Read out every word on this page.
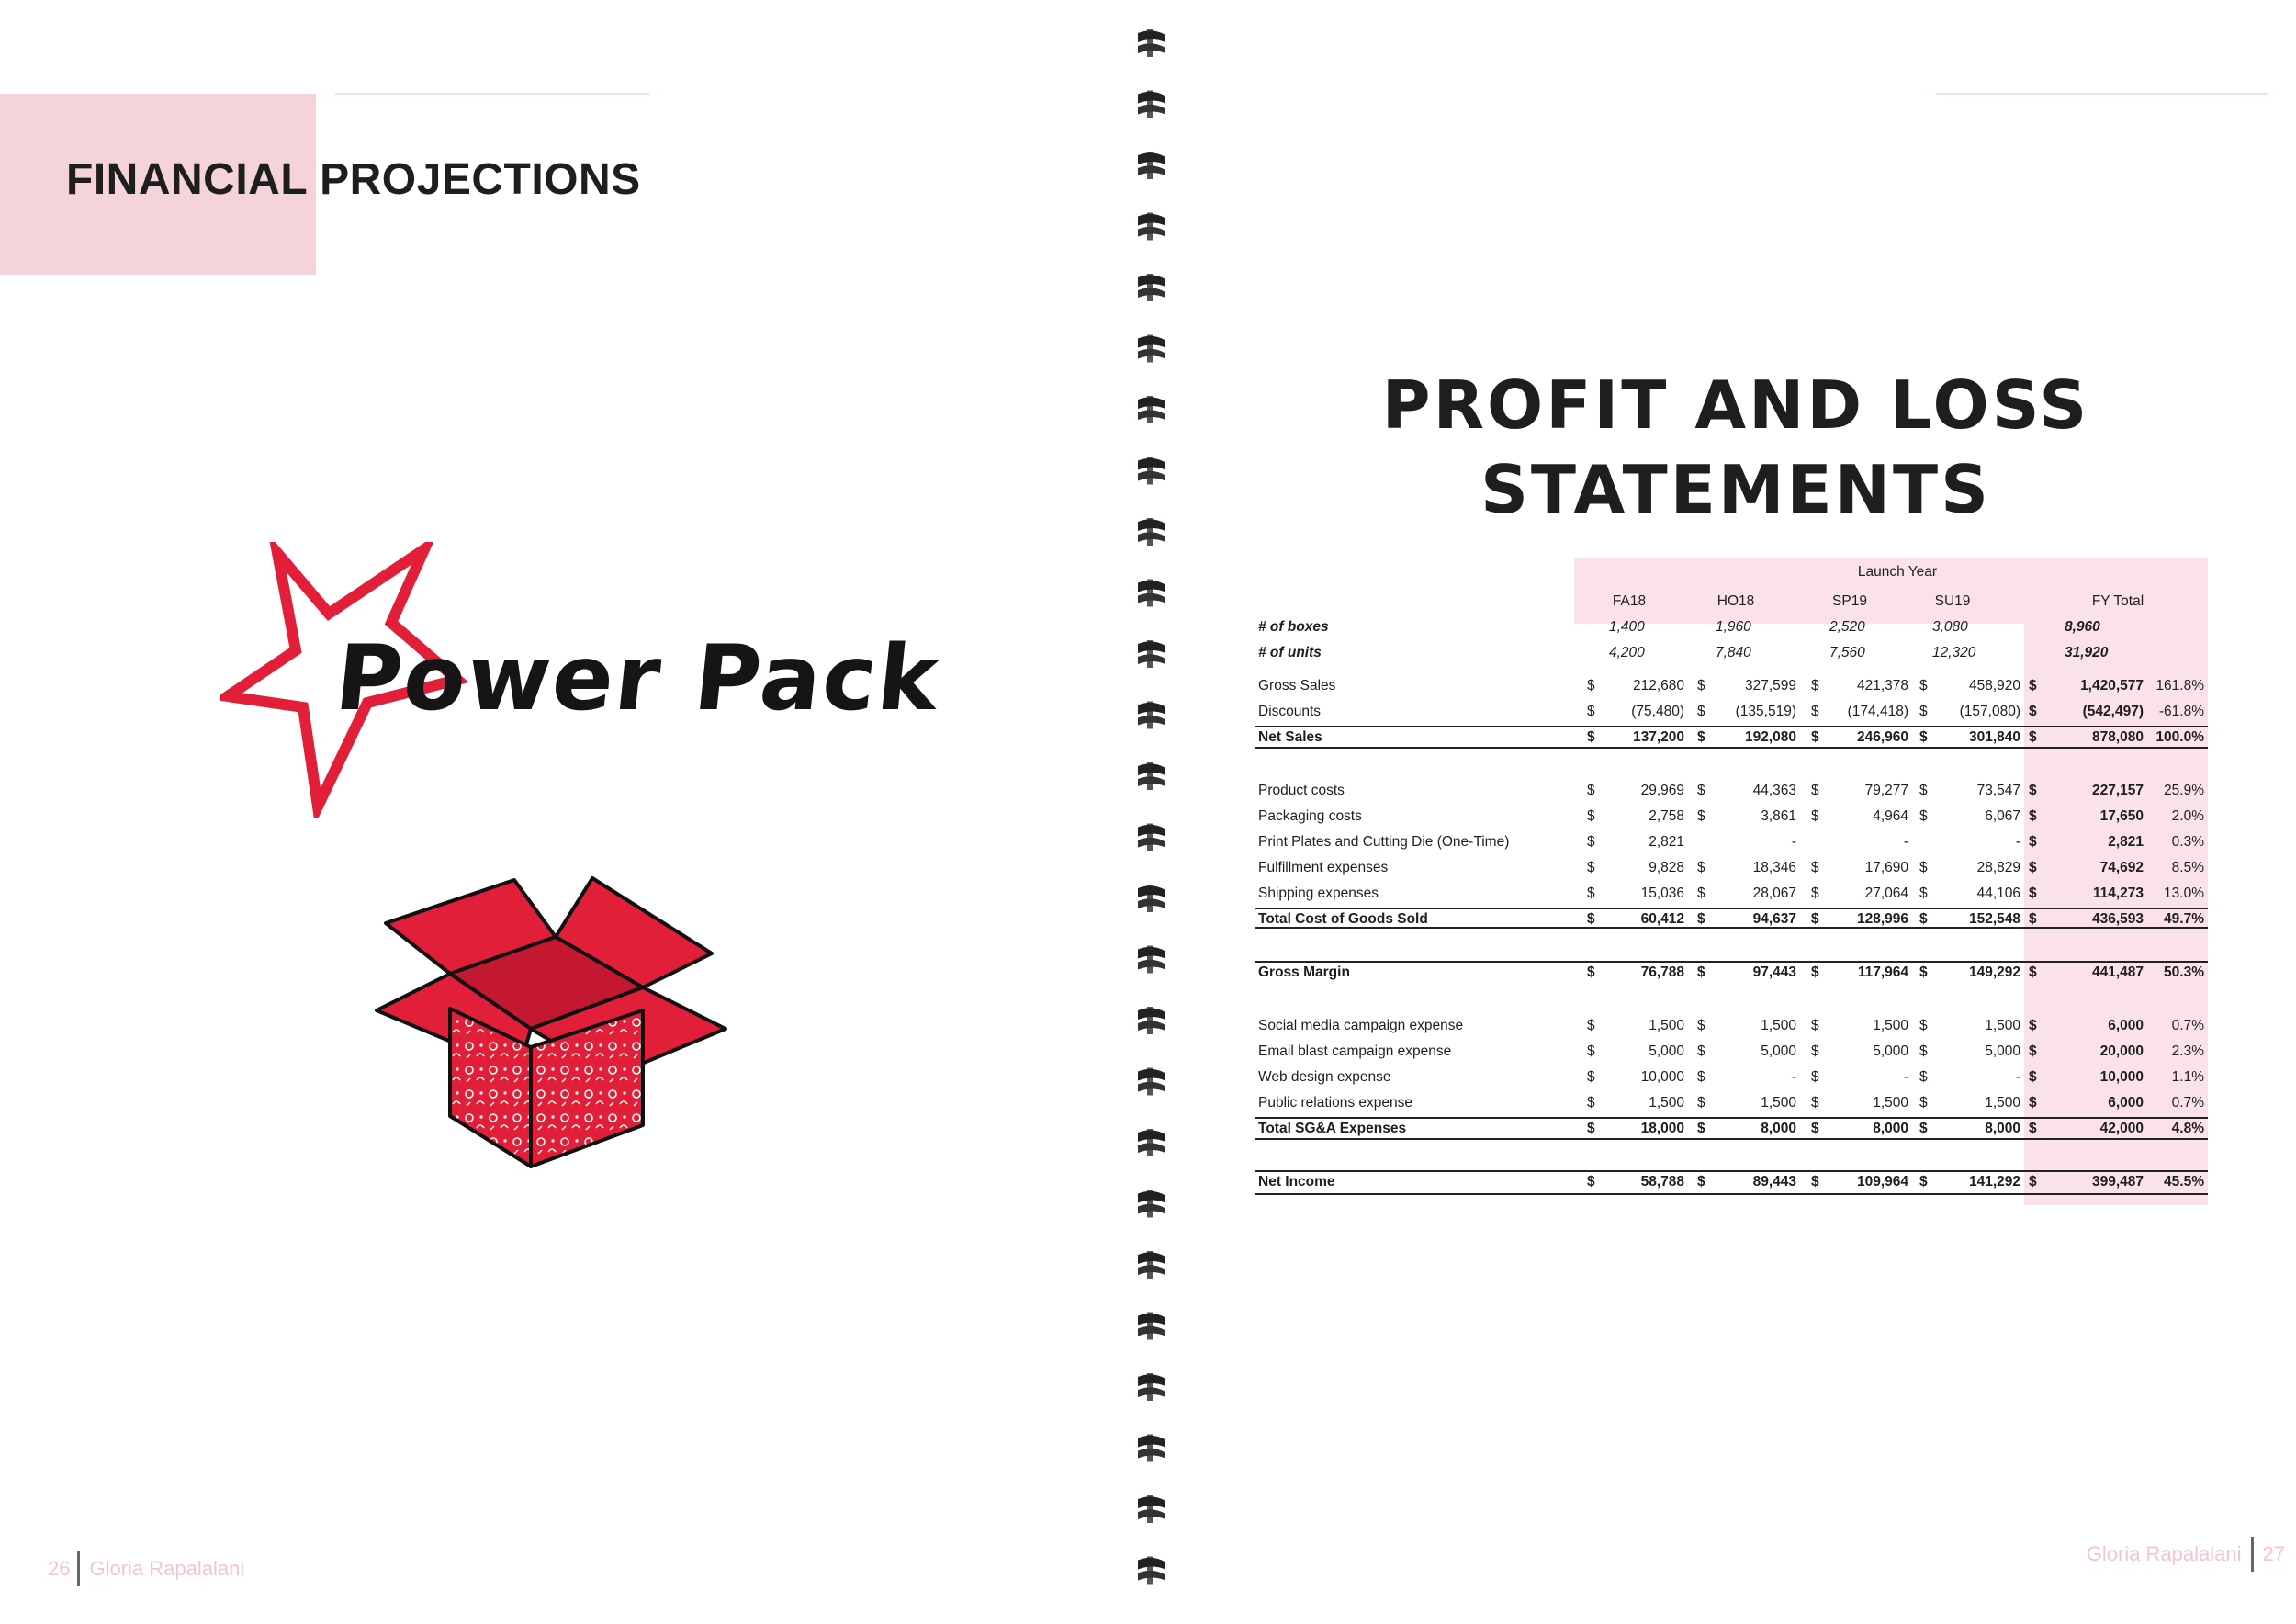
FINANCIAL PROJECTIONS
Power Pack
26 Gloria Rapalalani
PROFIT AND LOSS
STATEMENTS
Launch Year
FA18	HO18	SP19	SU19	FY Total
# of boxes	1,400	1,960	2,520	3,080	8,960
# of units	4,200	7,840	7,560	12,320	31,920
Gross Sales	$	212,680 $	327,599 $	421,378 $	458,920 $	1,420,577 161.8%
Discounts	$	(75,480) $	(135,519) $	(174,418) $	(157,080) $	(542,497)	-61.8%
Net Sales	$	137,200 $	192,080 $	246,960 $	301,840 $	878,080 100.0%
Product costs	$	29,969 $	44,363 $	79,277 $	73,547 $	227,157	25.9%
Packaging costs	$	2,758 $	3,861 $	4,964 $	6,067 $	17,650	2.0%
Print Plates and Cutting Die (One-Time)	$	2,821	-	-	- $	2,821	0.3%
Fulfillment expenses	$	9,828 $	18,346 $	17,690 $	28,829 $	74,692	8.5%
Shipping expenses	$	15,036 $	28,067 $	27,064 $	44,106 $	114,273	13.0%
Total Cost of Goods Sold	$	60,412 $	94,637 $	128,996 $	152,548 $	436,593	49.7%
Gross Margin	$	76,788 $	97,443 $	117,964 $	149,292 $	441,487	50.3%
Social media campaign expense	$	1,500 $	1,500 $	1,500 $	1,500 $	6,000	0.7%
Email blast campaign expense	$	5,000 $	5,000 $	5,000 $	5,000 $	20,000	2.3%
Web design expense	$	10,000 $	- $	- $	- $	10,000	1.1%
Public relations expense	$	1,500 $	1,500 $	1,500 $	1,500 $	6,000	0.7%
Total SG&A Expenses	$	18,000 $	8,000 $	8,000 $	8,000 $	42,000	4.8%
Net Income	$	58,788 $	89,443 $	109,964 $	141,292 $	399,487	45.5%
Gloria Rapalalani 27
